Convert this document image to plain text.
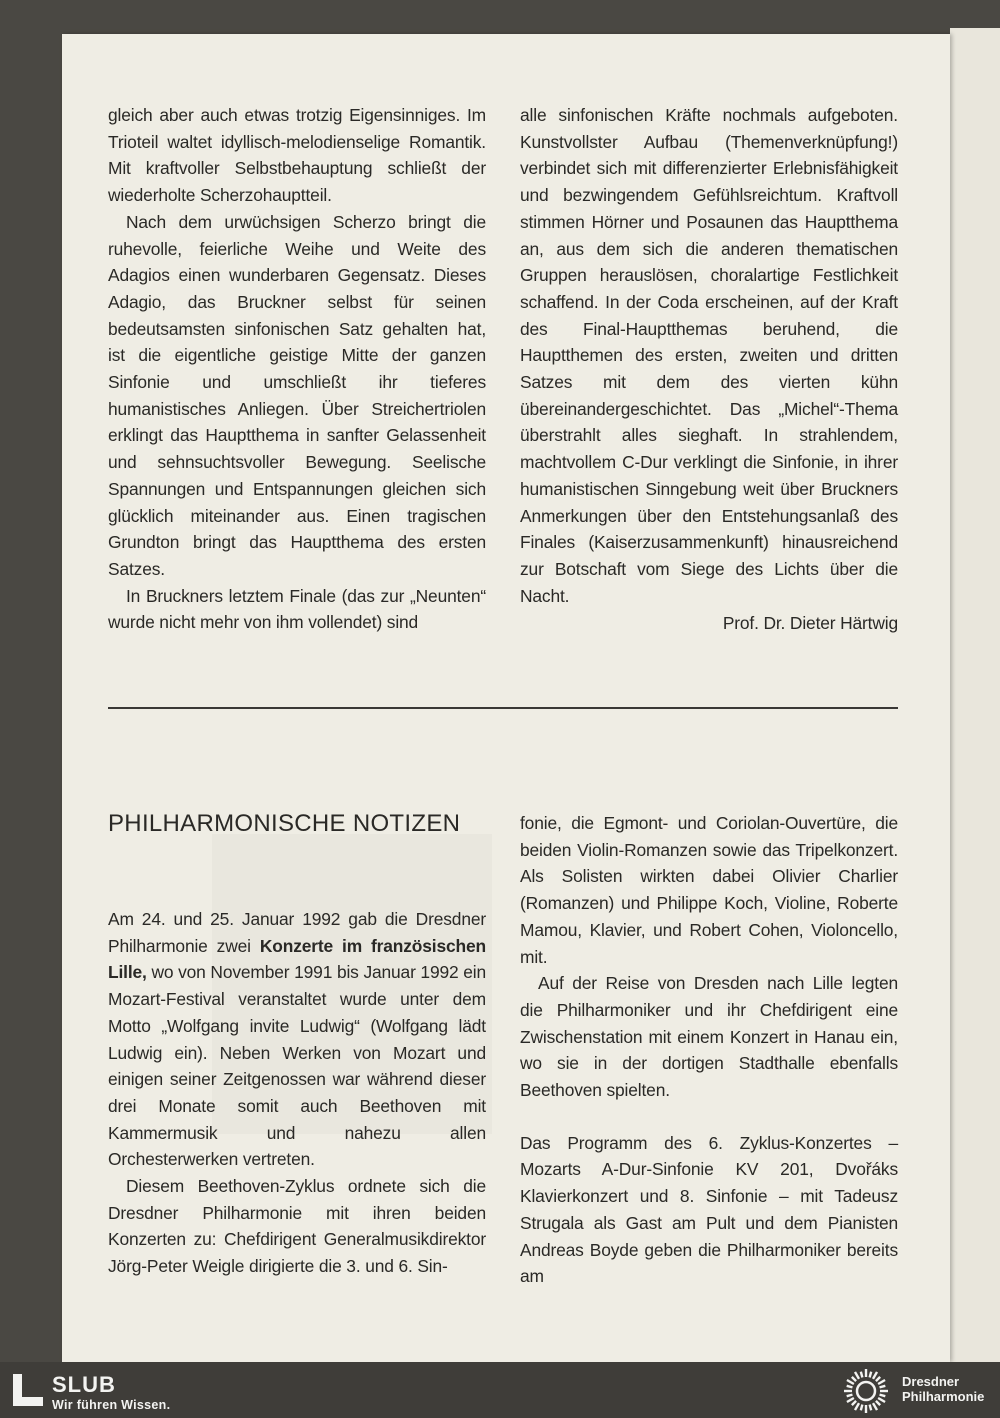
gleich aber auch etwas trotzig Eigensinniges. Im Trioteil waltet idyllisch-melodienselige Romantik. Mit kraftvoller Selbstbehauptung schließt der wiederholte Scherzohauptteil.

Nach dem urwüchsigen Scherzo bringt die ruhevolle, feierliche Weihe und Weite des Adagios einen wunderbaren Gegensatz. Dieses Adagio, das Bruckner selbst für seinen bedeutsamsten sinfonischen Satz gehalten hat, ist die eigentliche geistige Mitte der ganzen Sinfonie und umschließt ihr tieferes humanistisches Anliegen. Über Streichertriolen erklingt das Hauptthema in sanfter Gelassenheit und sehnsuchtsvoller Bewegung. Seelische Spannungen und Entspannungen gleichen sich glücklich miteinander aus. Einen tragischen Grundton bringt das Hauptthema des ersten Satzes.

In Bruckners letztem Finale (das zur „Neunten“ wurde nicht mehr von ihm vollendet) sind

alle sinfonischen Kräfte nochmals aufgeboten. Kunstvollster Aufbau (Themenverknüpfung!) verbindet sich mit differenzierter Erlebnisfähigkeit und bezwingendem Gefühlsreichtum. Kraftvoll stimmen Hörner und Posaunen das Hauptthema an, aus dem sich die anderen thematischen Gruppen herauslösen, choralartige Festlichkeit schaffend. In der Coda erscheinen, auf der Kraft des Final-Hauptthemas beruhend, die Hauptthemen des ersten, zweiten und dritten Satzes mit dem des vierten kühn übereinandergeschichtet. Das „Michel“-Thema überstrahlt alles sieghaft. In strahlendem, machtvollem C-Dur verklingt die Sinfonie, in ihrer humanistischen Sinngebung weit über Bruckners Anmerkungen über den Entstehungsanlaß des Finales (Kaiserzusammenkunft) hinausreichend zur Botschaft vom Siege des Lichts über die Nacht.

Prof. Dr. Dieter Härtwig

PHILHARMONISCHE NOTIZEN

Am 24. und 25. Januar 1992 gab die Dresdner Philharmonie zwei Konzerte im französischen Lille, wo von November 1991 bis Januar 1992 ein Mozart-Festival veranstaltet wurde unter dem Motto „Wolfgang invite Ludwig“ (Wolfgang lädt Ludwig ein). Neben Werken von Mozart und einigen seiner Zeitgenossen war während dieser drei Monate somit auch Beethoven mit Kammermusik und nahezu allen Orchesterwerken vertreten.

Diesem Beethoven-Zyklus ordnete sich die Dresdner Philharmonie mit ihren beiden Konzerten zu: Chefdirigent Generalmusikdirektor Jörg-Peter Weigle dirigierte die 3. und 6. Sin-

fonie, die Egmont- und Coriolan-Ouvertüre, die beiden Violin-Romanzen sowie das Tripelkonzert. Als Solisten wirkten dabei Olivier Charlier (Romanzen) und Philippe Koch, Violine, Roberte Mamou, Klavier, und Robert Cohen, Violoncello, mit.

Auf der Reise von Dresden nach Lille legten die Philharmoniker und ihr Chefdirigent eine Zwischenstation mit einem Konzert in Hanau ein, wo sie in der dortigen Stadthalle ebenfalls Beethoven spielten.

Das Programm des 6. Zyklus-Konzertes – Mozarts A-Dur-Sinfonie KV 201, Dvořáks Klavierkonzert und 8. Sinfonie – mit Tadeusz Strugala als Gast am Pult und dem Pianisten Andreas Boyde geben die Philharmoniker bereits am

SLUB
Wir führen Wissen.
Dresdner
Philharmonie
